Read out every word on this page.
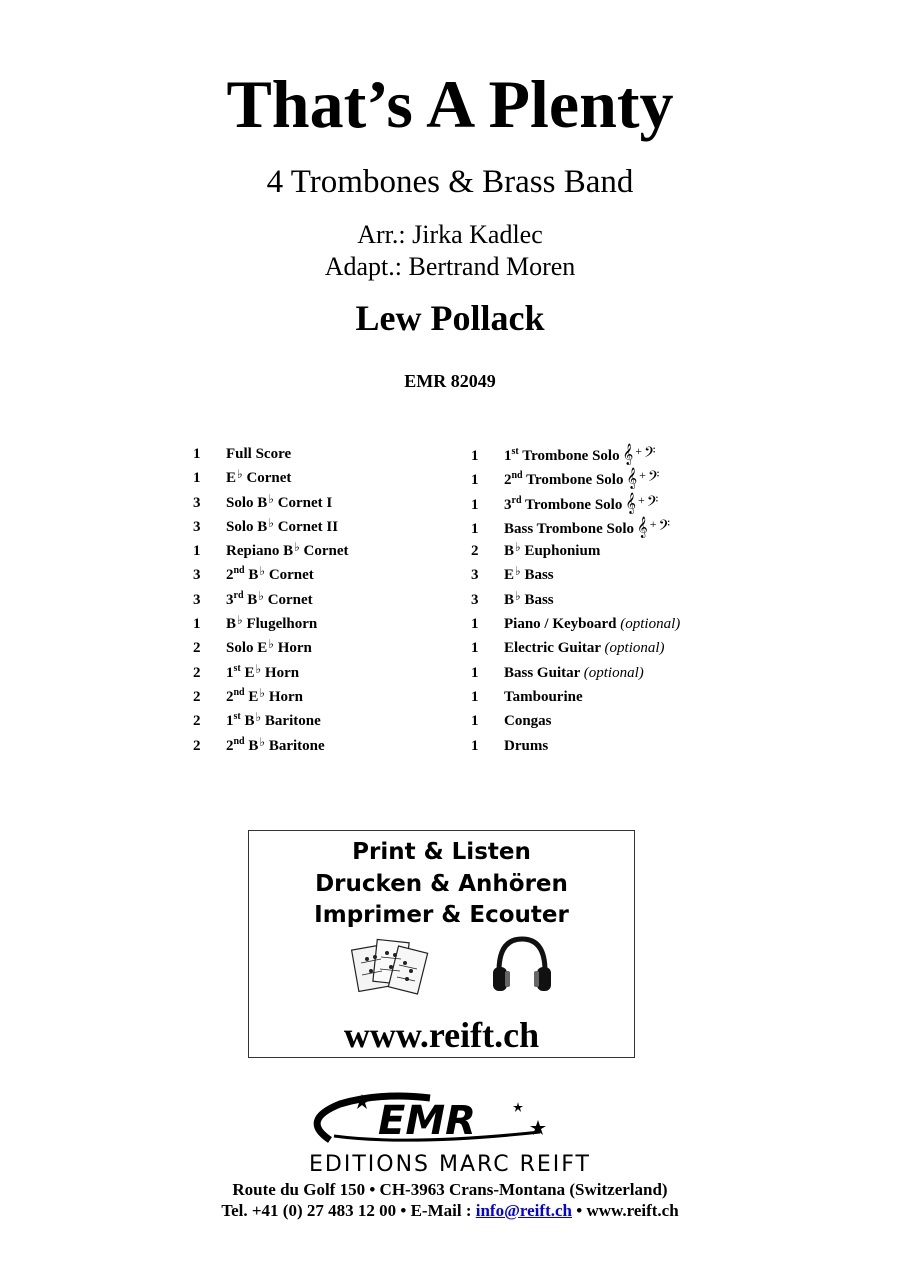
That’s A Plenty
4 Trombones & Brass Band
Arr.: Jirka Kadlec
Adapt.: Bertrand Moren
Lew Pollack
EMR 82049
1 Full Score
1 E♭ Cornet
3 Solo B♭ Cornet I
3 Solo B♭ Cornet II
1 Repiano B♭ Cornet
3 2nd B♭ Cornet
3 3rd B♭ Cornet
1 B♭ Flugelhorn
2 Solo E♭ Horn
2 1st E♭ Horn
2 2nd E♭ Horn
2 1st B♭ Baritone
2 2nd B♭ Baritone
1 1st Trombone Solo 𝄞 + 𝄢
1 2nd Trombone Solo 𝄞 + 𝄢
1 3rd Trombone Solo 𝄞 + 𝄢
1 Bass Trombone Solo 𝄞 + 𝄢
2 B♭ Euphonium
3 E♭ Bass
3 B♭ Bass
1 Piano / Keyboard (optional)
1 Electric Guitar (optional)
1 Bass Guitar (optional)
1 Tambourine
1 Congas
1 Drums
Print & Listen
Drucken & Anhören
Imprimer & Ecouter
www.reift.ch
EMR
EDITIONS MARC REIFT
Route du Golf 150 • CH-3963 Crans-Montana (Switzerland)
Tel. +41 (0) 27 483 12 00 • E-Mail : info@reift.ch • www.reift.ch
